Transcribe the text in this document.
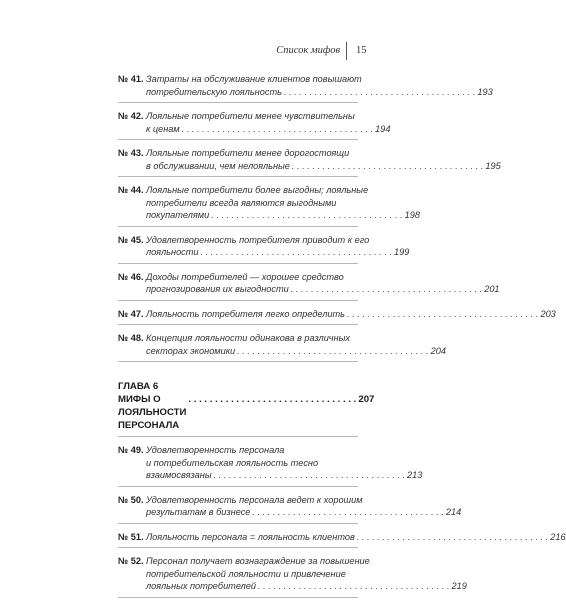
Список мифов 15
№ 41. Затраты на обслуживание клиентов повышают
потребительскую лояльность . . . . . . . . . . . . . . . . . . . . . . . . . . . . . . . . . . . . . . 193
№ 42. Лояльные потребители менее чувствительны
к ценам . . . . . . . . . . . . . . . . . . . . . . . . . . . . . . . . . . . . . . 194
№ 43. Лояльные потребители менее дорогостоящи
в обслуживании, чем нелояльные . . . . . . . . . . . . . . . . . . . . . . . . . . . . . . . . . . . . . . 195
№ 44. Лояльные потребители более выгодны; лояльные
потребители всегда являются выгодными
покупателями . . . . . . . . . . . . . . . . . . . . . . . . . . . . . . . . . . . . . . 198
№ 45. Удовлетворенность потребителя приводит к его
лояльности . . . . . . . . . . . . . . . . . . . . . . . . . . . . . . . . . . . . . . 199
№ 46. Доходы потребителей — хорошее средство
прогнозирования их выгодности . . . . . . . . . . . . . . . . . . . . . . . . . . . . . . . . . . . . . . 201
№ 47. Лояльность потребителя легко определить . . . . . . . . . . . . . . . . . . . . . . . . . . . . . . . . . . . . . . 203
№ 48. Концепция лояльности одинакова в различных
секторах экономики . . . . . . . . . . . . . . . . . . . . . . . . . . . . . . . . . . . . . . 204
ГЛАВА 6
МИФЫ О ЛОЯЛЬНОСТИ ПЕРСОНАЛА
. . . . . . . . . . . . . . . . . . . . . . . . . . . . . . . . 207
№ 49. Удовлетворенность персонала
и потребительская лояльность тесно
взаимосвязаны . . . . . . . . . . . . . . . . . . . . . . . . . . . . . . . . . . . . . . 213
№ 50. Удовлетворенность персонала ведет к хорошим
результатам в бизнесе . . . . . . . . . . . . . . . . . . . . . . . . . . . . . . . . . . . . . . 214
№ 51. Лояльность персонала = лояльность клиентов . . . . . . . . . . . . . . . . . . . . . . . . . . . . . . . . . . . . . . 216
№ 52. Персонал получает вознаграждение за повышение
потребительской лояльности и привлечение
лояльных потребителей . . . . . . . . . . . . . . . . . . . . . . . . . . . . . . . . . . . . . . 219
